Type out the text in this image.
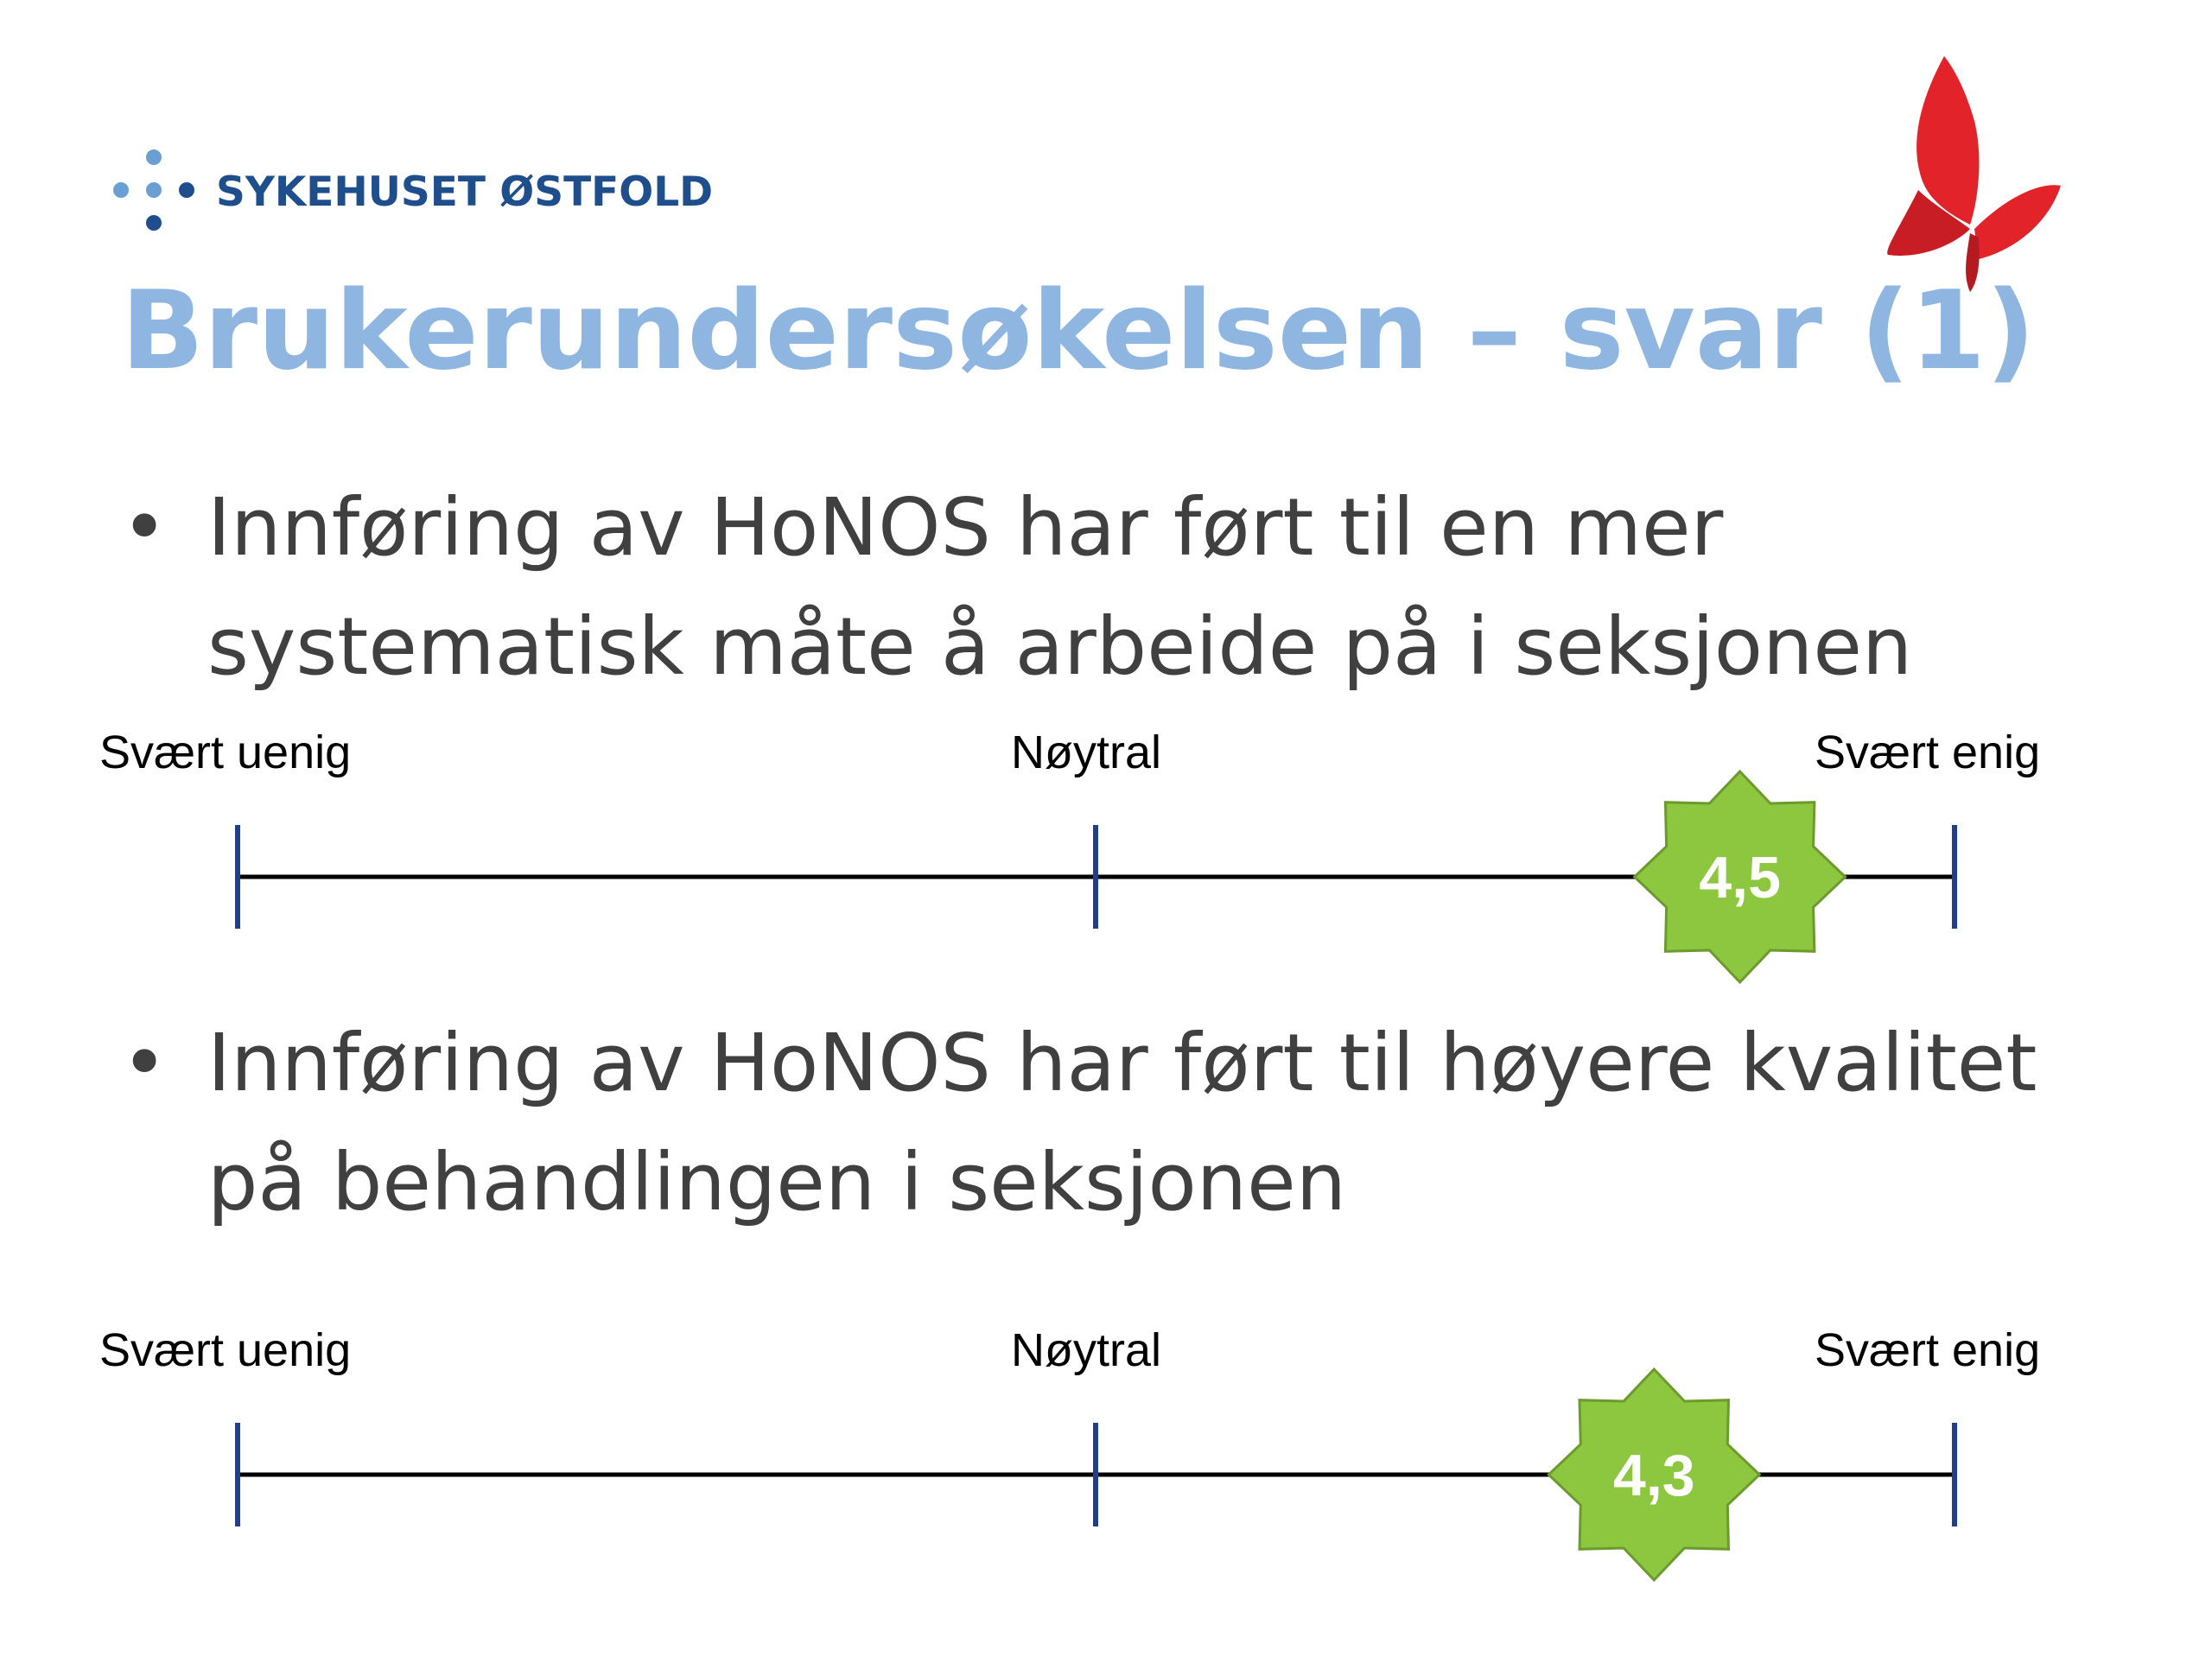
SYKEHUSET ØSTFOLD
Brukerundersøkelsen – svar (1)
• Innføring av HoNOS har ført til en mer systematisk måte å arbeide på i seksjonen
• Innføring av HoNOS har ført til høyere kvalitet på behandlingen i seksjonen
Svært uenig	Nøytral	Svært enig
4,5
Svært uenig	Nøytral	Svært enig
4,3
